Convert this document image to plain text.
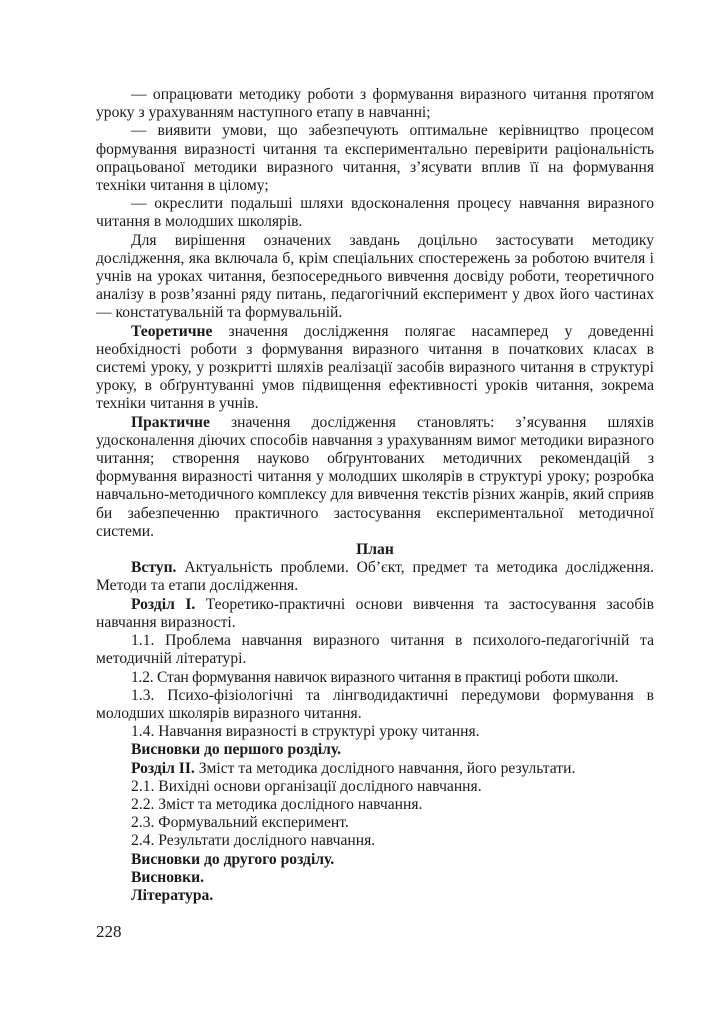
— опрацювати методику роботи з формування виразного читання протягом уроку з урахуванням наступного етапу в навчанні;

— виявити умови, що забезпечують оптимальне керівництво процесом формування виразності читання та експериментально перевірити раціональність опрацьованої методики виразного читання, з’ясувати вплив її на формування техніки читання в цілому;

— окреслити подальші шляхи вдосконалення процесу навчання виразного читання в молодших школярів.

Для вирішення означених завдань доцільно застосувати методику дослідження, яка включала б, крім спеціальних спостережень за роботою вчителя і учнів на уроках читання, безпосереднього вивчення досвіду роботи, теоретичного аналізу в розв’язанні ряду питань, педагогічний експеримент у двох його частинах — констатувальній та формувальній.

Теоретичне значення дослідження полягає насамперед у доведенні необхідності роботи з формування виразного читання в початкових класах в системі уроку, у розкритті шляхів реалізації засобів виразного читання в структурі уроку, в обґрунтуванні умов підвищення ефективності уроків читання, зокрема техніки читання в учнів.

Практичне значення дослідження становлять: з’ясування шляхів удосконалення діючих способів навчання з урахуванням вимог методики виразного читання; створення науково обґрунтованих методичних рекомендацій з формування виразності читання у молодших школярів в структурі уроку; розробка навчально-методичного комплексу для вивчення текстів різних жанрів, який сприяв би забезпеченню практичного застосування експериментальної методичної системи.

План

Вступ. Актуальність проблеми. Об’єкт, предмет та методика дослідження. Методи та етапи дослідження.

Розділ І. Теоретико-практичні основи вивчення та застосування засобів навчання виразності.

1.1. Проблема навчання виразного читання в психолого-педагогічній та методичній літературі.

1.2. Стан формування навичок виразного читання в практиці роботи школи.

1.3. Психо-фізіологічні та лінгводидактичні передумови формування в молодших школярів виразного читання.

1.4. Навчання виразності в структурі уроку читання.

Висновки до першого розділу.

Розділ ІІ. Зміст та методика дослідного навчання, його результати.

2.1. Вихідні основи організації дослідного навчання.

2.2. Зміст та методика дослідного навчання.

2.3. Формувальний експеримент.

2.4. Результати дослідного навчання.

Висновки до другого розділу.

Висновки.

Література.

228
